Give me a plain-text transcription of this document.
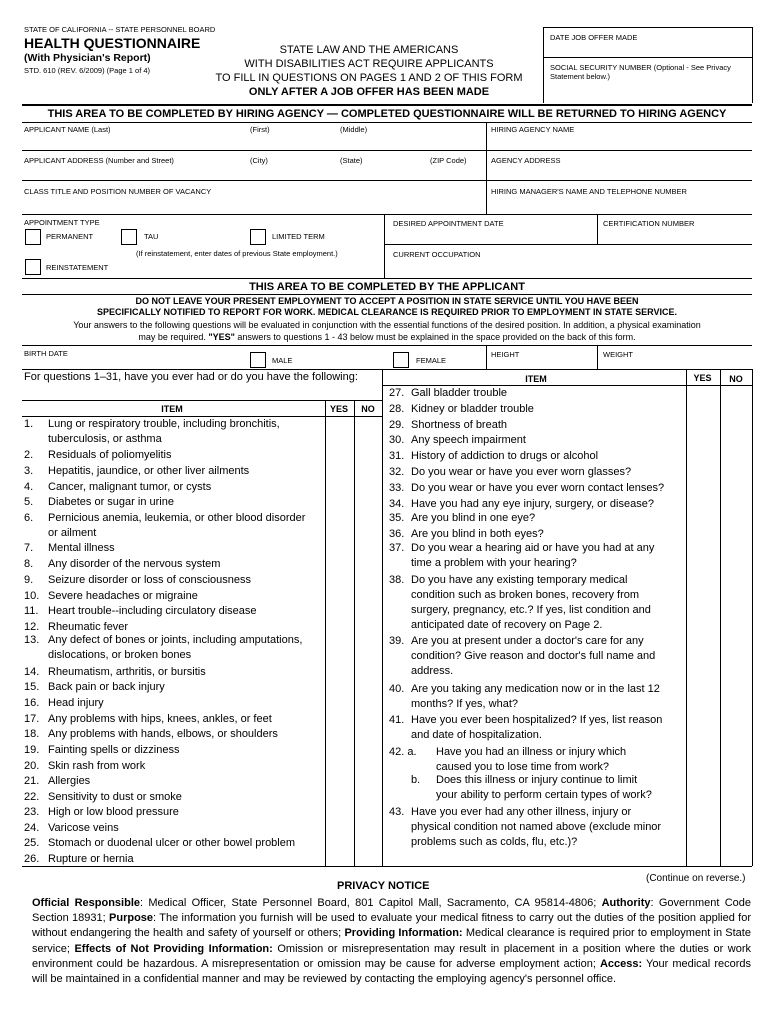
STATE OF CALIFORNIA -- STATE PERSONNEL BOARD
HEALTH QUESTIONNAIRE
(With Physician's Report)
STD. 610 (REV. 6/2009) (Page 1 of 4)
STATE LAW AND THE AMERICANS
WITH DISABILITIES ACT REQUIRE APPLICANTS
TO FILL IN QUESTIONS ON PAGES 1 AND 2 OF THIS FORM
ONLY AFTER A JOB OFFER HAS BEEN MADE
DATE JOB OFFER MADE
SOCIAL SECURITY NUMBER (Optional - See Privacy Statement below.)
THIS AREA TO BE COMPLETED BY HIRING AGENCY — COMPLETED QUESTIONNAIRE WILL BE RETURNED TO HIRING AGENCY
APPLICANT NAME (Last)	(First)	(Middle)	HIRING AGENCY NAME
APPLICANT ADDRESS (Number and Street)	(City)	(State)	(ZIP Code)	AGENCY ADDRESS
CLASS TITLE AND POSITION NUMBER OF VACANCY	HIRING MANAGER'S NAME AND TELEPHONE NUMBER
APPOINTMENT TYPE
PERMANENT	TAU	LIMITED TERM
(If reinstatement, enter dates of previous State employment.)
REINSTATEMENT
DESIRED APPOINTMENT DATE	CERTIFICATION NUMBER
CURRENT OCCUPATION
THIS AREA TO BE COMPLETED BY THE APPLICANT
DO NOT LEAVE YOUR PRESENT EMPLOYMENT TO ACCEPT A POSITION IN STATE SERVICE UNTIL YOU HAVE BEEN
SPECIFICALLY NOTIFIED TO REPORT FOR WORK. MEDICAL CLEARANCE IS REQUIRED PRIOR TO EMPLOYMENT IN STATE SERVICE.
Your answers to the following questions will be evaluated in conjunction with the essential functions of the desired position. In addition, a physical examination
may be required. "YES" answers to questions 1 - 43 below must be explained in the space provided on the back of this form.
BIRTH DATE
MALE	FEMALE
HEIGHT	WEIGHT
For questions 1–31, have you ever had or do you have the following:
ITEM	YES	NO
ITEM	YES	NO
1.	Lung or respiratory trouble, including bronchitis,
tuberculosis, or asthma
2.	Residuals of poliomyelitis
3.	Hepatitis, jaundice, or other liver ailments
4.	Cancer, malignant tumor, or cysts
5.	Diabetes or sugar in urine
6.	Pernicious anemia, leukemia, or other blood disorder
or ailment
7.	Mental illness
8.	Any disorder of the nervous system
9.	Seizure disorder or loss of consciousness
10. Severe headaches or migraine
11. Heart trouble--including circulatory disease
12. Rheumatic fever
13. Any defect of bones or joints, including amputations,
dislocations, or broken bones
14. Rheumatism, arthritis, or bursitis
15. Back pain or back injury
16. Head injury
17. Any problems with hips, knees, ankles, or feet
18. Any problems with hands, elbows, or shoulders
19. Fainting spells or dizziness
20. Skin rash from work
21. Allergies
22. Sensitivity to dust or smoke
23. High or low blood pressure
24. Varicose veins
25. Stomach or duodenal ulcer or other bowel problem
26. Rupture or hernia
27. Gall bladder trouble
28. Kidney or bladder trouble
29. Shortness of breath
30. Any speech impairment
31. History of addiction to drugs or alcohol
32. Do you wear or have you ever worn glasses?
33. Do you wear or have you ever worn contact lenses?
34. Have you had any eye injury, surgery, or disease?
35. Are you blind in one eye?
36. Are you blind in both eyes?
37. Do you wear a hearing aid or have you had at any
time a problem with your hearing?
38. Do you have any existing temporary medical
condition such as broken bones, recovery from
surgery, pregnancy, etc.? If yes, list condition and
anticipated date of recovery on Page 2.
39. Are you at present under a doctor's care for any
condition? Give reason and doctor's full name and
address.
40. Are you taking any medication now or in the last 12
months? If yes, what?
41. Have you ever been hospitalized? If yes, list reason
and date of hospitalization.
42. a.	Have you had an illness or injury which
caused you to lose time from work?
b.	Does this illness or injury continue to limit
your ability to perform certain types of work?
43. Have you ever had any other illness, injury or
physical condition not named above (exclude minor
problems such as colds, flu, etc.)?
(Continue on reverse.)
PRIVACY NOTICE
Official Responsible: Medical Officer, State Personnel Board, 801 Capitol Mall, Sacramento, CA 95814-4806; Authority: Government Code Section 18931; Purpose: The information you furnish will be used to evaluate your medical fitness to carry out the duties of the position applied for without endangering the health and safety of yourself or others; Providing Information: Medical clearance is required prior to employment in State service; Effects of Not Providing Information: Omission or misrepresentation may result in placement in a position where the duties or work environment could be hazardous. A misrepresentation or omission may be cause for adverse employment action; Access: Your medical records will be maintained in a confidential manner and may be reviewed by contacting the employing agency's personnel office.
